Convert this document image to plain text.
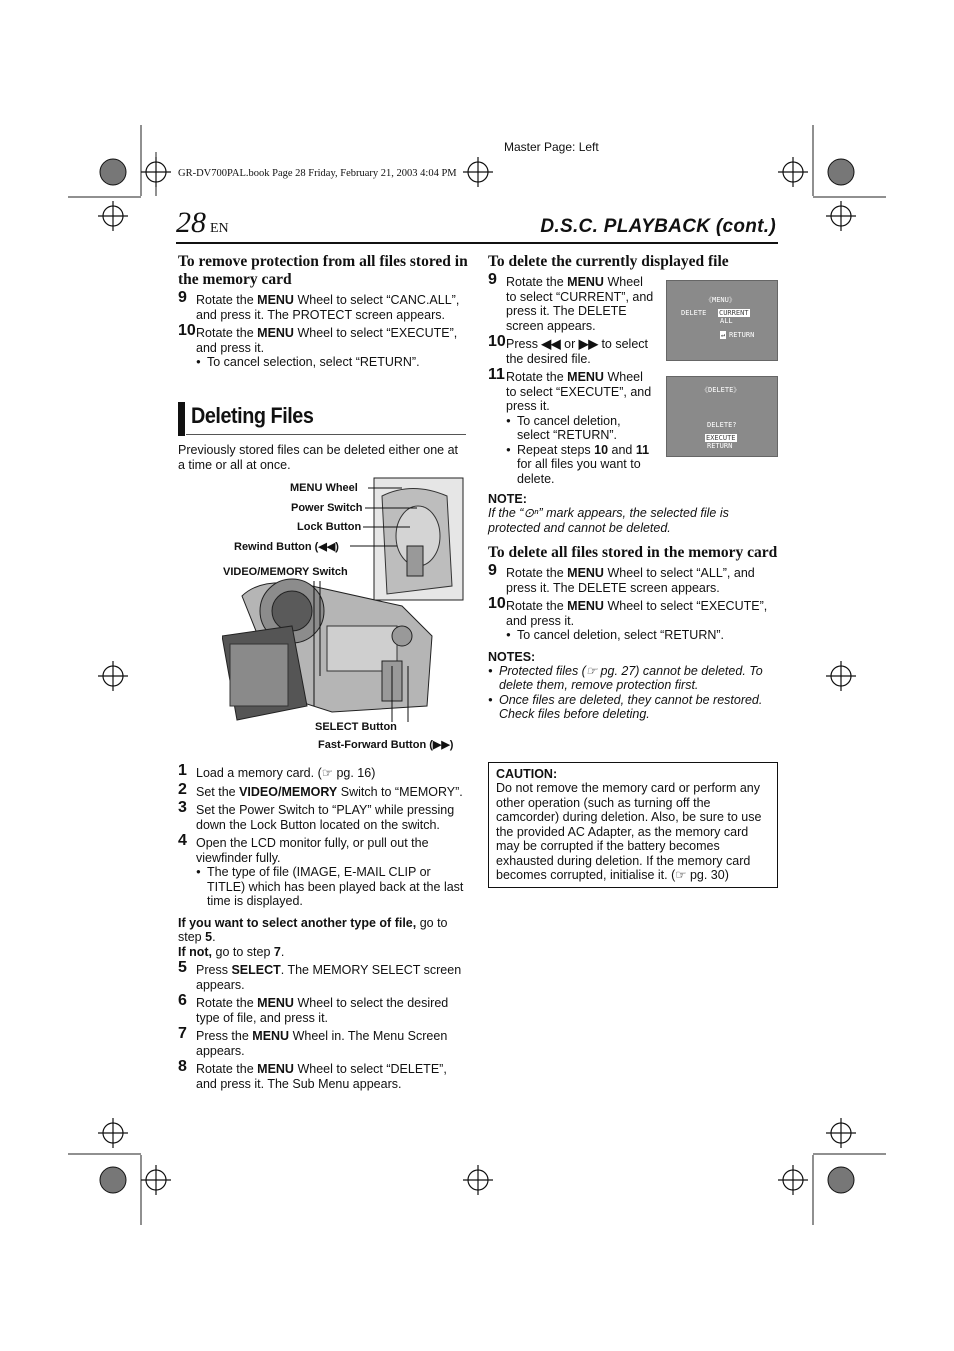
Master Page: Left
GR-DV700PAL.book Page 28 Friday, February 21, 2003 4:04 PM
28 EN	D.S.C. PLAYBACK (cont.)
To remove protection from all files stored in the memory card
9 Rotate the MENU Wheel to select “CANC.ALL”, and press it. The PROTECT screen appears.
10 Rotate the MENU Wheel to select “EXECUTE”, and press it.
● To cancel selection, select “RETURN”.
Deleting Files
Previously stored files can be deleted either one at a time or all at once.
MENU Wheel
Power Switch
Lock Button
Rewind Button (◀◀)
VIDEO/MEMORY Switch
SELECT Button
Fast-Forward Button (▶▶)
1 Load a memory card. (☞ pg. 16)
2 Set the VIDEO/MEMORY Switch to “MEMORY”.
3 Set the Power Switch to “PLAY” while pressing down the Lock Button located on the switch.
4 Open the LCD monitor fully, or pull out the viewfinder fully.
● The type of file (IMAGE, E-MAIL CLIP or TITLE) which has been played back at the last time is displayed.
If you want to select another type of file, go to step 5.
If not, go to step 7.
5 Press SELECT. The MEMORY SELECT screen appears.
6 Rotate the MENU Wheel to select the desired type of file, and press it.
7 Press the MENU Wheel in. The Menu Screen appears.
8 Rotate the MENU Wheel to select “DELETE”, and press it. The Sub Menu appears.
To delete the currently displayed file
9 Rotate the MENU Wheel to select “CURRENT”, and press it. The DELETE screen appears.
10 Press ◀◀ or ▶▶ to select the desired file.
11 Rotate the MENU Wheel to select “EXECUTE”, and press it.
● To cancel deletion, select “RETURN”.
● Repeat steps 10 and 11 for all files you want to delete.
NOTE:
If the “⊙ⁿ” mark appears, the selected file is protected and cannot be deleted.
《MENU》
DELETE CURRENT
ALL
↵ RETURN
《DELETE》
DELETE?
EXECUTE
RETURN
To delete all files stored in the memory card
9 Rotate the MENU Wheel to select “ALL”, and press it. The DELETE screen appears.
10 Rotate the MENU Wheel to select “EXECUTE”, and press it.
● To cancel deletion, select “RETURN”.
NOTES:
● Protected files (☞ pg. 27) cannot be deleted. To delete them, remove protection first.
● Once files are deleted, they cannot be restored. Check files before deleting.
CAUTION:
Do not remove the memory card or perform any other operation (such as turning off the camcorder) during deletion. Also, be sure to use the provided AC Adapter, as the memory card may be corrupted if the battery becomes exhausted during deletion. If the memory card becomes corrupted, initialise it. (☞ pg. 30)
